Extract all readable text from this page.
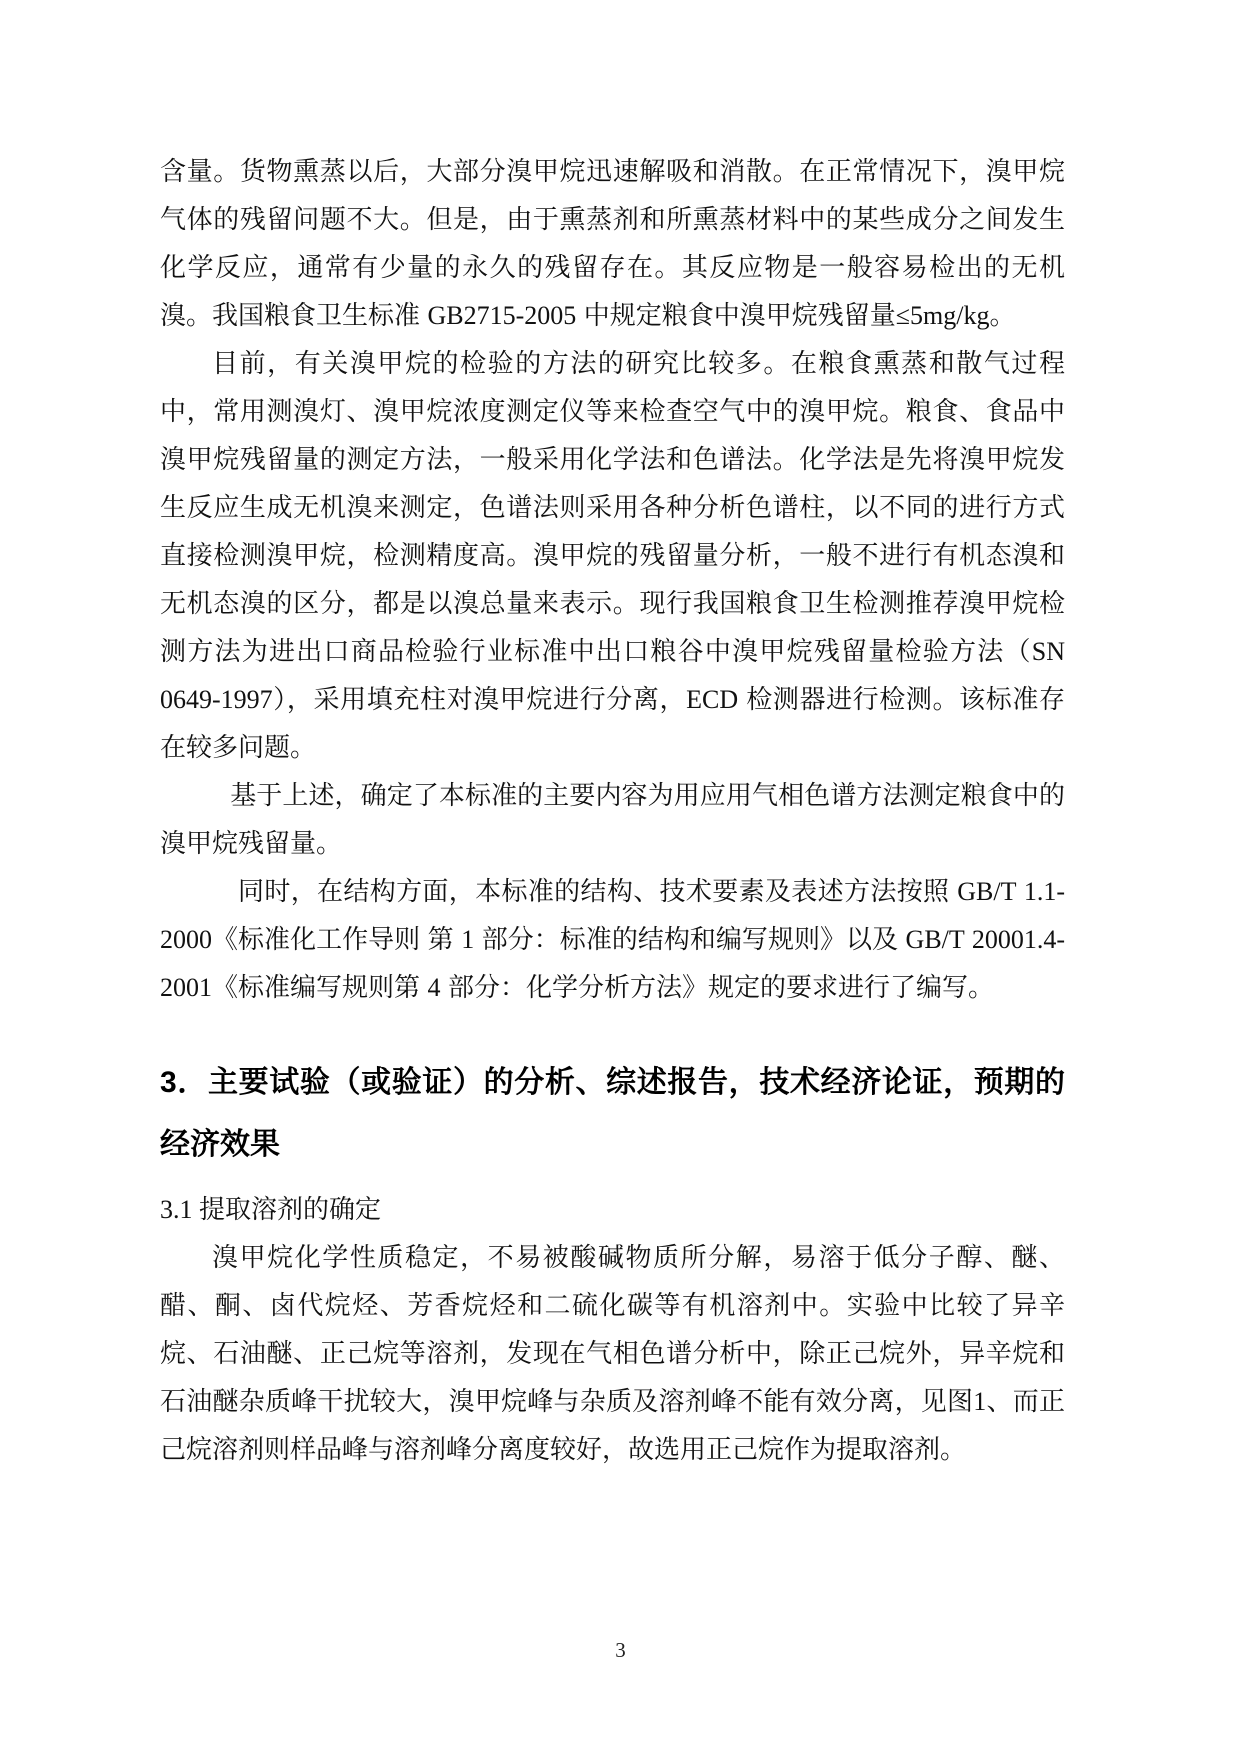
含量。货物熏蒸以后，大部分溴甲烷迅速解吸和消散。在正常情况下，溴甲烷气体的残留问题不大。但是，由于熏蒸剂和所熏蒸材料中的某些成分之间发生化学反应，通常有少量的永久的残留存在。其反应物是一般容易检出的无机溴。我国粮食卫生标准 GB2715-2005 中规定粮食中溴甲烷残留量≤5mg/kg。

目前，有关溴甲烷的检验的方法的研究比较多。在粮食熏蒸和散气过程中，常用测溴灯、溴甲烷浓度测定仪等来检查空气中的溴甲烷。粮食、食品中溴甲烷残留量的测定方法，一般采用化学法和色谱法。化学法是先将溴甲烷发生反应生成无机溴来测定，色谱法则采用各种分析色谱柱，以不同的进行方式直接检测溴甲烷，检测精度高。溴甲烷的残留量分析，一般不进行有机态溴和无机态溴的区分，都是以溴总量来表示。现行我国粮食卫生检测推荐溴甲烷检测方法为进出口商品检验行业标准中出口粮谷中溴甲烷残留量检验方法（SN 0649-1997），采用填充柱对溴甲烷进行分离，ECD 检测器进行检测。该标准存在较多问题。

基于上述，确定了本标准的主要内容为用应用气相色谱方法测定粮食中的溴甲烷残留量。

同时，在结构方面，本标准的结构、技术要素及表述方法按照 GB/T 1.1-2000《标准化工作导则 第 1 部分：标准的结构和编写规则》以及 GB/T 20001.4-2001《标准编写规则第 4 部分：化学分析方法》规定的要求进行了编写。

3．主要试验（或验证）的分析、综述报告，技术经济论证，预期的经济效果
3.1 提取溶剂的确定

溴甲烷化学性质稳定，不易被酸碱物质所分解，易溶于低分子醇、醚、醋、酮、卤代烷烃、芳香烷烃和二硫化碳等有机溶剂中。实验中比较了异辛烷、石油醚、正己烷等溶剂，发现在气相色谱分析中，除正己烷外，异辛烷和石油醚杂质峰干扰较大，溴甲烷峰与杂质及溶剂峰不能有效分离，见图1、而正己烷溶剂则样品峰与溶剂峰分离度较好，故选用正己烷作为提取溶剂。

3
